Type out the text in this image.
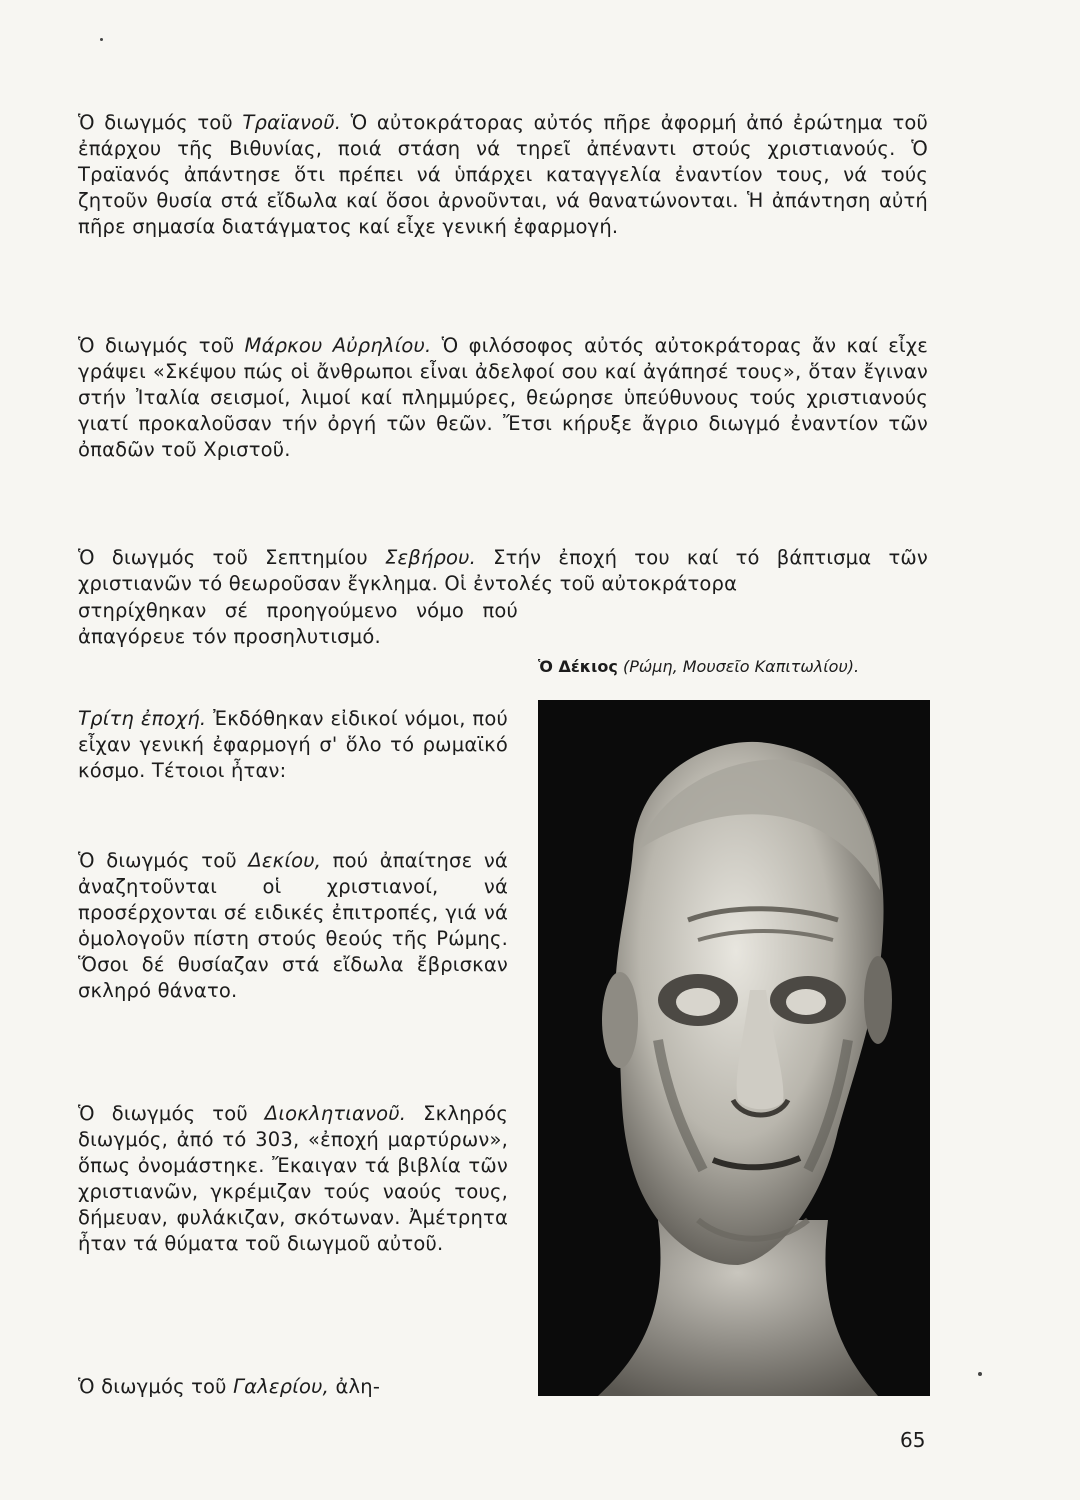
Ὁ διωγμός τοῦ Τραϊανοῦ. Ὁ αὐτοκράτορας αὐτός πῆρε ἀφορμή ἀπό ἐρώτημα τοῦ ἐπάρχου τῆς Βιθυνίας, ποιά στάση νά τηρεῖ ἀπέναντι στούς χριστιανούς. Ὁ Τραϊανός ἀπάντησε ὅτι πρέπει νά ὑπάρχει καταγγελία ἐναντίον τους, νά τούς ζητοῦν θυσία στά εἴδωλα καί ὅσοι ἀρνοῦνται, νά θανατώνονται. Ἡ ἀπάντηση αὐτή πῆρε σημασία διατάγματος καί εἶχε γενική ἐφαρμογή.

Ὁ διωγμός τοῦ Μάρκου Αὐρηλίου. Ὁ φιλόσοφος αὐτός αὐτοκράτορας ἄν καί εἶχε γράψει «Σκέψου πώς οἱ ἄνθρωποι εἶναι ἀδελφοί σου καί ἀγάπησέ τους», ὅταν ἔγιναν στήν Ἰταλία σεισμοί, λιμοί καί πλημμύρες, θεώρησε ὑπεύθυνους τούς χριστιανούς γιατί προκαλοῦσαν τήν ὀργή τῶν θεῶν. Ἔτσι κήρυξε ἄγριο διωγμό ἐναντίον τῶν ὀπαδῶν τοῦ Χριστοῦ.

Ὁ διωγμός τοῦ Σεπτημίου Σεβήρου. Στήν ἐποχή του καί τό βάπτισμα τῶν χριστιανῶν τό θεωροῦσαν ἔγκλημα. Οἱ ἐντολές τοῦ αὐτοκράτορα

στηρίχθηκαν σέ προηγούμενο νόμο πού ἀπαγόρευε τόν προσηλυτισμό.

Τρίτη ἐποχή. Ἐκδόθηκαν εἰδικοί νόμοι, πού εἶχαν γενική ἐφαρμογή σ' ὅλο τό ρωμαϊκό κόσμο. Τέτοιοι ἦταν:

Ὁ διωγμός τοῦ Δεκίου, πού ἀπαίτησε νά ἀναζητοῦνται οἱ χριστιανοί, νά προσέρχονται σέ ειδικές ἐπιτροπές, γιά νά ὁμολογοῦν πίστη στούς θεούς τῆς Ρώμης. Ὅσοι δέ θυσίαζαν στά εἴδωλα ἔβρισκαν σκληρό θάνατο.

Ὁ διωγμός τοῦ Διοκλητιανοῦ. Σκληρός διωγμός, ἀπό τό 303, «ἐποχή μαρτύρων», ὅπως ὀνομάστηκε. Ἔκαιγαν τά βιβλία τῶν χριστιανῶν, γκρέμιζαν τούς ναούς τους, δήμευαν, φυλάκιζαν, σκότωναν. Ἀμέτρητα ἦταν τά θύματα τοῦ διωγμοῦ αὐτοῦ.

Ὁ διωγμός τοῦ Γαλερίου, ἀλη-

Ὁ Δέκιος (Ρώμη, Μουσεῖο Καπιτωλίου).

65
